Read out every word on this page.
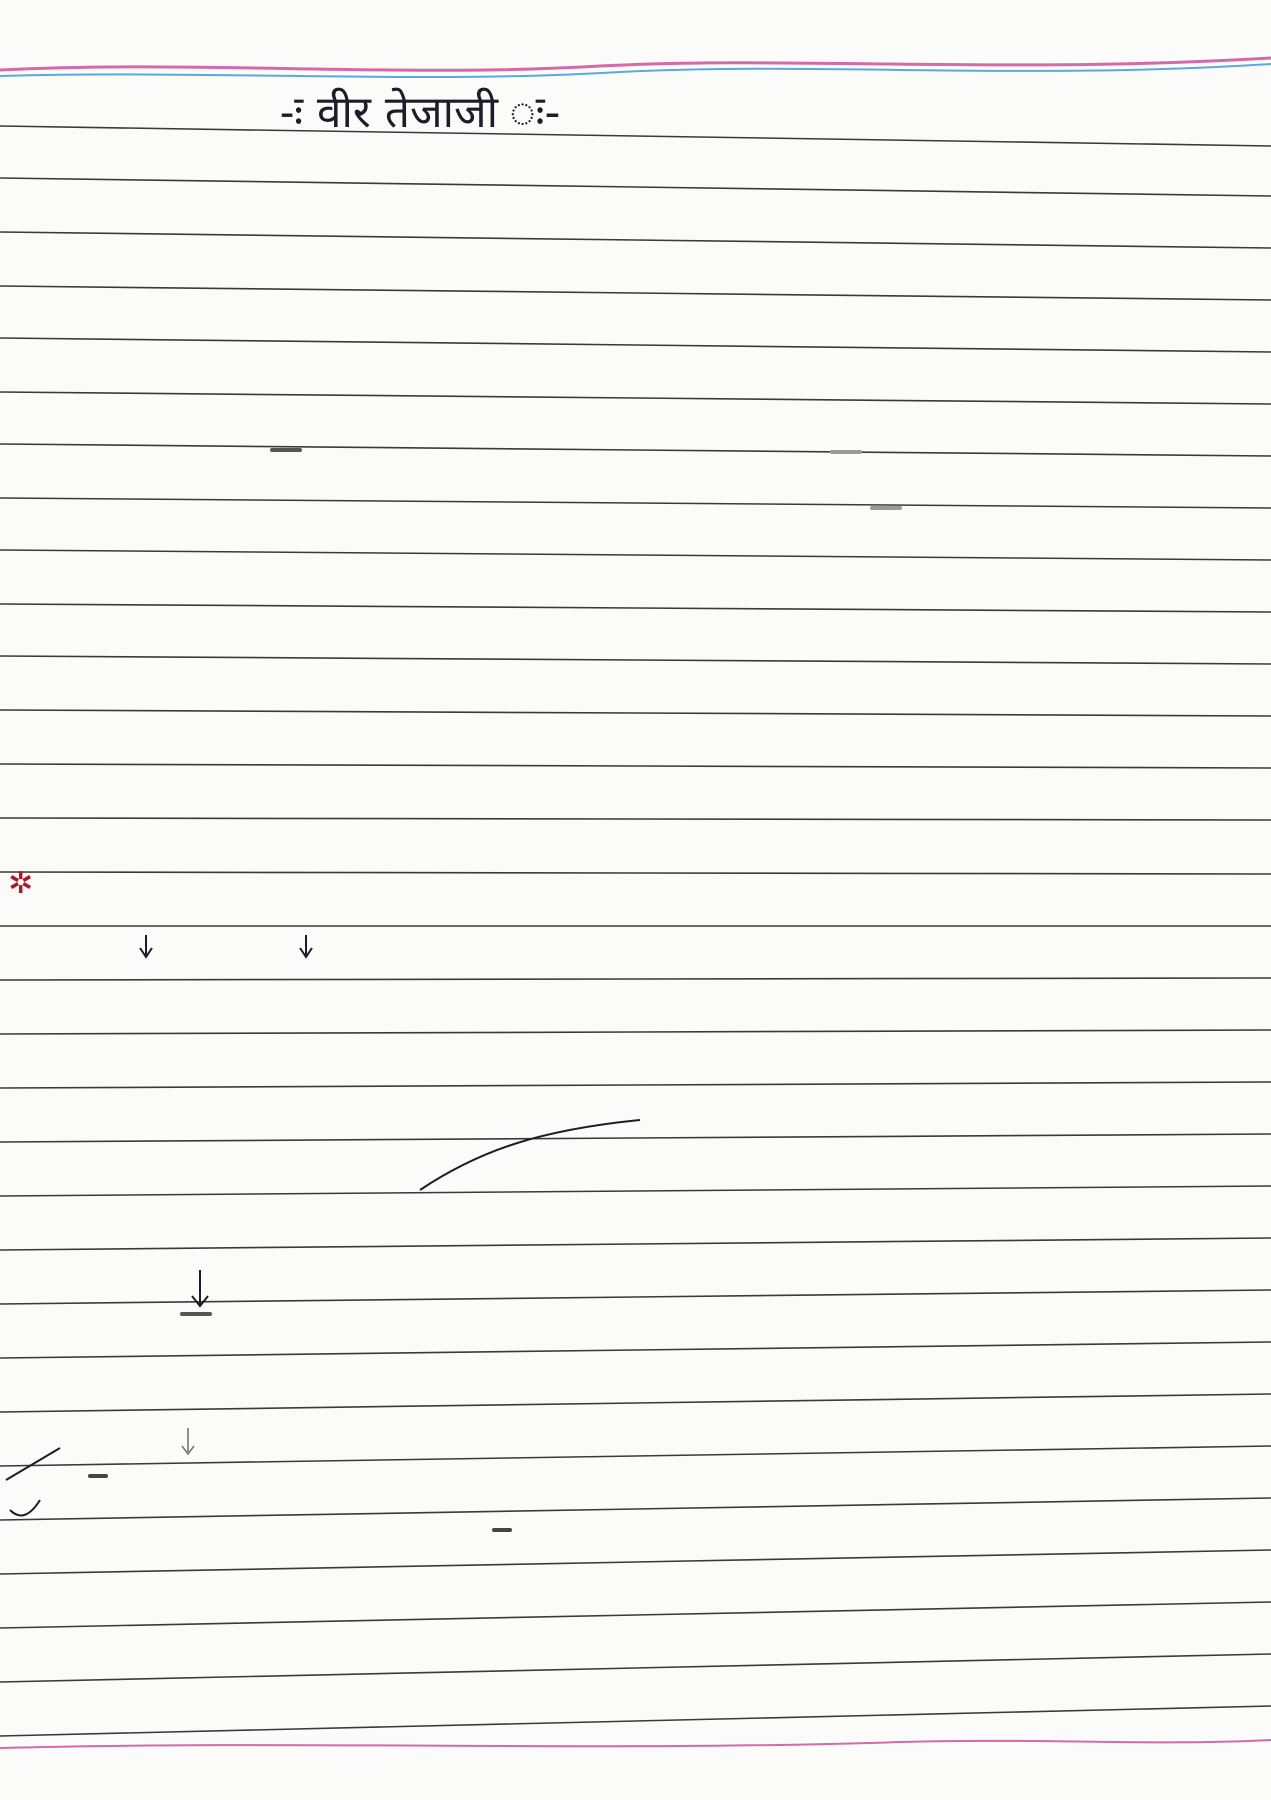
-ः वीर तेजाजी ः-
✲
